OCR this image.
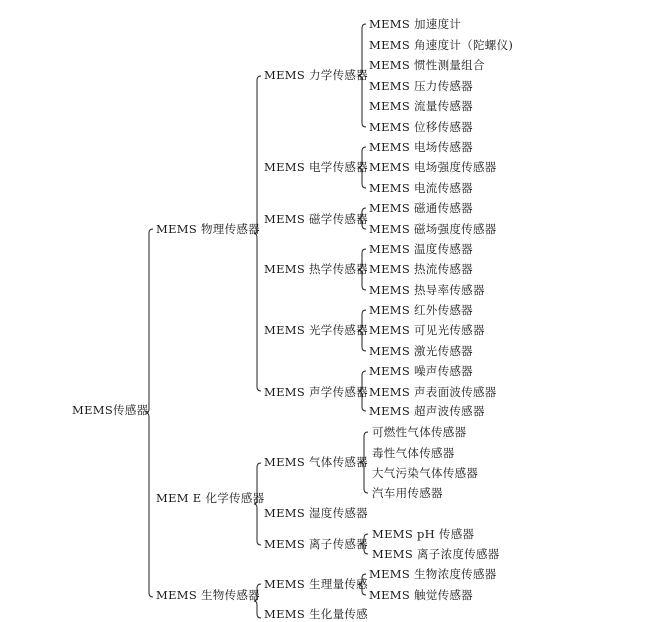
MEMS传感器
MEMS 物理传感器
MEM E 化学传感器
MEMS 生物传感器
MEMS 力学传感器
MEMS 电学传感器
MEMS 磁学传感器
MEMS 热学传感器
MEMS 光学传感器
MEMS 声学传感器
MEMS 气体传感器
MEMS 湿度传感器
MEMS 离子传感器
MEMS 生理量传感
MEMS 生化量传感
MEMS 加速度计
MEMS 角速度计（陀螺仪)
MEMS 惯性测量组合
MEMS 压力传感器
MEMS 流量传感器
MEMS 位移传感器
MEMS 电场传感器
MEMS 电场强度传感器
MEMS 电流传感器
MEMS 磁通传感器
MEMS 磁场强度传感器
MEMS 温度传感器
MEMS 热流传感器
MEMS 热导率传感器
MEMS 红外传感器
MEMS 可见光传感器
MEMS 激光传感器
MEMS 噪声传感器
MEMS 声表面波传感器
MEMS 超声波传感器
可燃性气体传感器
毒性气体传感器
大气污染气体传感器
汽车用传感器
MEMS pH 传感器
MEMS 离子浓度传感器
MEMS 生物浓度传感器
MEMS 触觉传感器
